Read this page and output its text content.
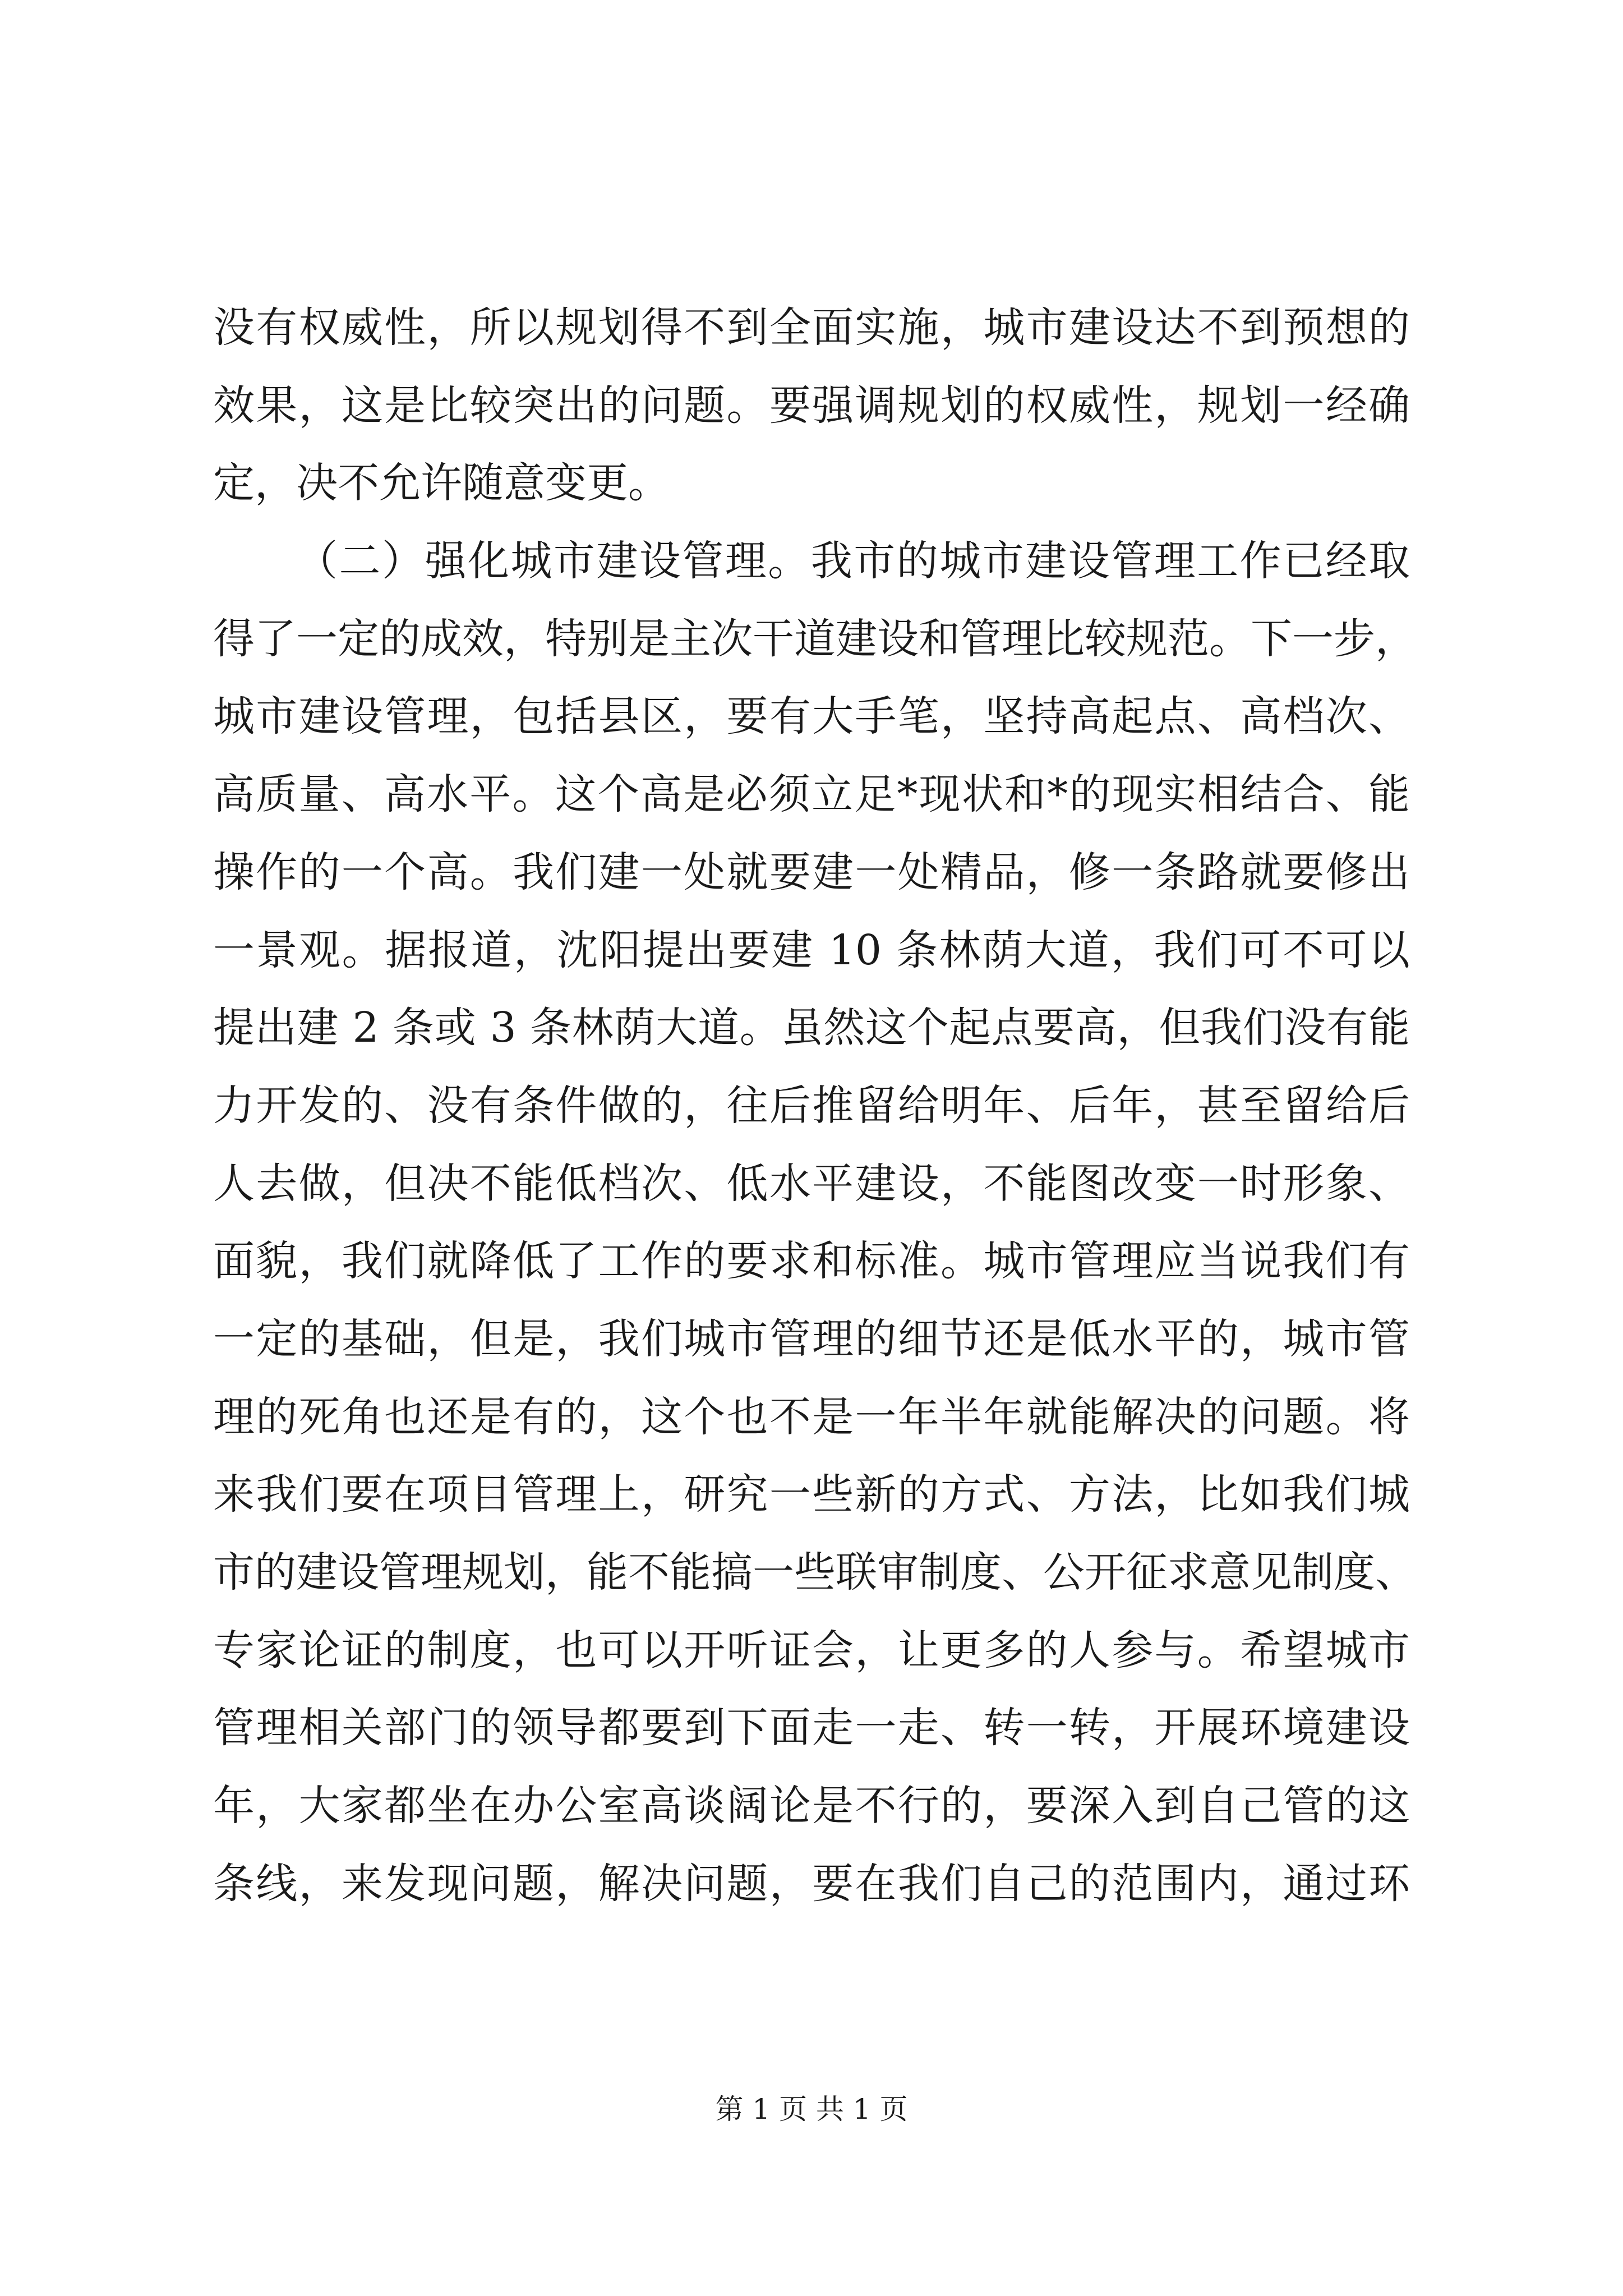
没有权威性，所以规划得不到全面实施，城市建设达不到预想的
效果，这是比较突出的问题。要强调规划的权威性，规划一经确
定，决不允许随意变更。
（二）强化城市建设管理。我市的城市建设管理工作已经取
得了一定的成效，特别是主次干道建设和管理比较规范。下一步，
城市建设管理，包括县区，要有大手笔，坚持高起点、高档次、
高质量、高水平。这个高是必须立足*现状和*的现实相结合、能
操作的一个高。我们建一处就要建一处精品，修一条路就要修出
一景观。据报道，沈阳提出要建 10 条林荫大道，我们可不可以
提出建 2 条或 3 条林荫大道。虽然这个起点要高，但我们没有能
力开发的、没有条件做的，往后推留给明年、后年，甚至留给后
人去做，但决不能低档次、低水平建设，不能图改变一时形象、
面貌，我们就降低了工作的要求和标准。城市管理应当说我们有
一定的基础，但是，我们城市管理的细节还是低水平的，城市管
理的死角也还是有的，这个也不是一年半年就能解决的问题。将
来我们要在项目管理上，研究一些新的方式、方法，比如我们城
市的建设管理规划，能不能搞一些联审制度、公开征求意见制度、
专家论证的制度，也可以开听证会，让更多的人参与。希望城市
管理相关部门的领导都要到下面走一走、转一转，开展环境建设
年，大家都坐在办公室高谈阔论是不行的，要深入到自己管的这
条线，来发现问题，解决问题，要在我们自己的范围内，通过环
第 1 页 共 1 页
